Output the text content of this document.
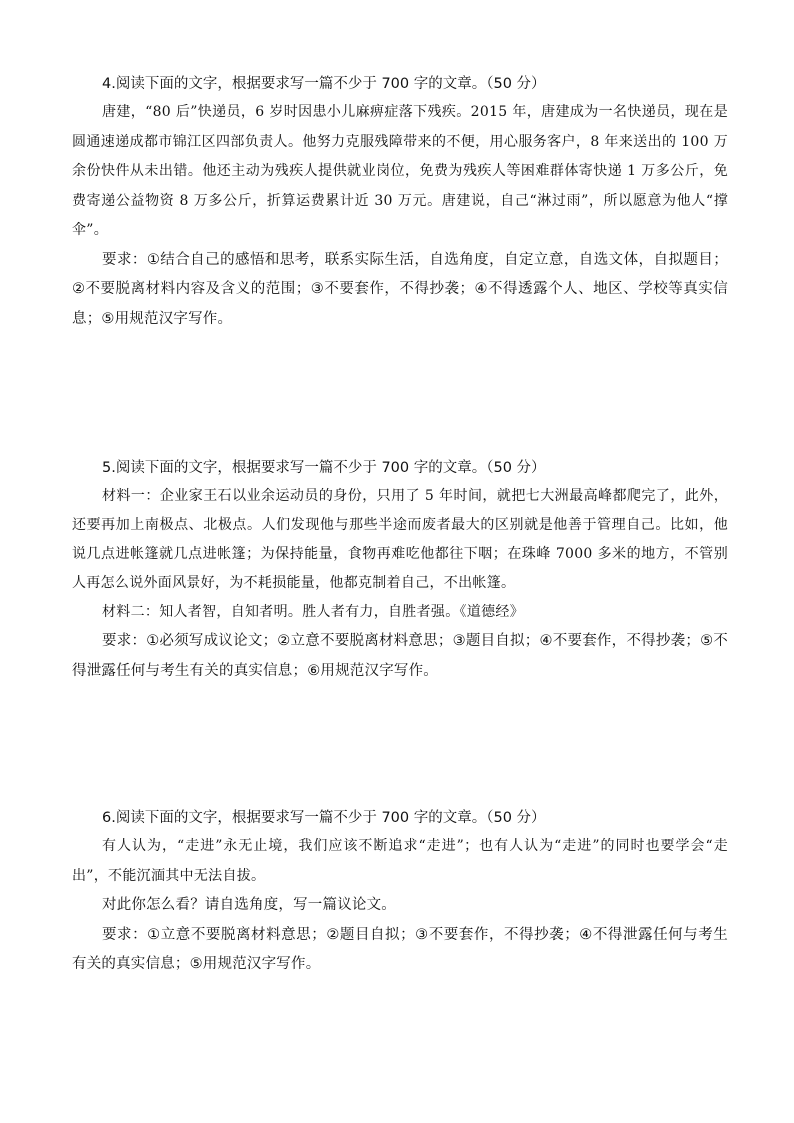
4.阅读下面的文字，根据要求写一篇不少于 700 字的文章。（50 分）

唐建，“80 后”快递员，6 岁时因患小儿麻痹症落下残疾。2015 年，唐建成为一名快递员，现在是圆通速递成都市锦江区四部负责人。他努力克服残障带来的不便，用心服务客户，8 年来送出的 100 万余份快件从未出错。他还主动为残疾人提供就业岗位，免费为残疾人等困难群体寄快递 1 万多公斤，免费寄递公益物资 8 万多公斤，折算运费累计近 30 万元。唐建说，自己“淋过雨”，所以愿意为他人“撑伞”。

要求：①结合自己的感悟和思考，联系实际生活，自选角度，自定立意，自选文体，自拟题目；②不要脱离材料内容及含义的范围；③不要套作，不得抄袭；④不得透露个人、地区、学校等真实信息；⑤用规范汉字写作。

5.阅读下面的文字，根据要求写一篇不少于 700 字的文章。（50 分）

材料一：企业家王石以业余运动员的身份，只用了 5 年时间，就把七大洲最高峰都爬完了，此外，还要再加上南极点、北极点。人们发现他与那些半途而废者最大的区别就是他善于管理自己。比如，他说几点进帐篷就几点进帐篷；为保持能量，食物再难吃他都往下咽；在珠峰 7000 多米的地方，不管别人再怎么说外面风景好，为不耗损能量，他都克制着自己，不出帐篷。

材料二：知人者智，自知者明。胜人者有力，自胜者强。《道德经》

要求：①必须写成议论文；②立意不要脱离材料意思；③题目自拟；④不要套作，不得抄袭；⑤不得泄露任何与考生有关的真实信息；⑥用规范汉字写作。

6.阅读下面的文字，根据要求写一篇不少于 700 字的文章。（50 分）

有人认为，“走进”永无止境，我们应该不断追求“走进”；也有人认为“走进”的同时也要学会“走出”，不能沉湎其中无法自拔。

对此你怎么看？请自选角度，写一篇议论文。

要求：①立意不要脱离材料意思；②题目自拟；③不要套作，不得抄袭；④不得泄露任何与考生有关的真实信息；⑤用规范汉字写作。
